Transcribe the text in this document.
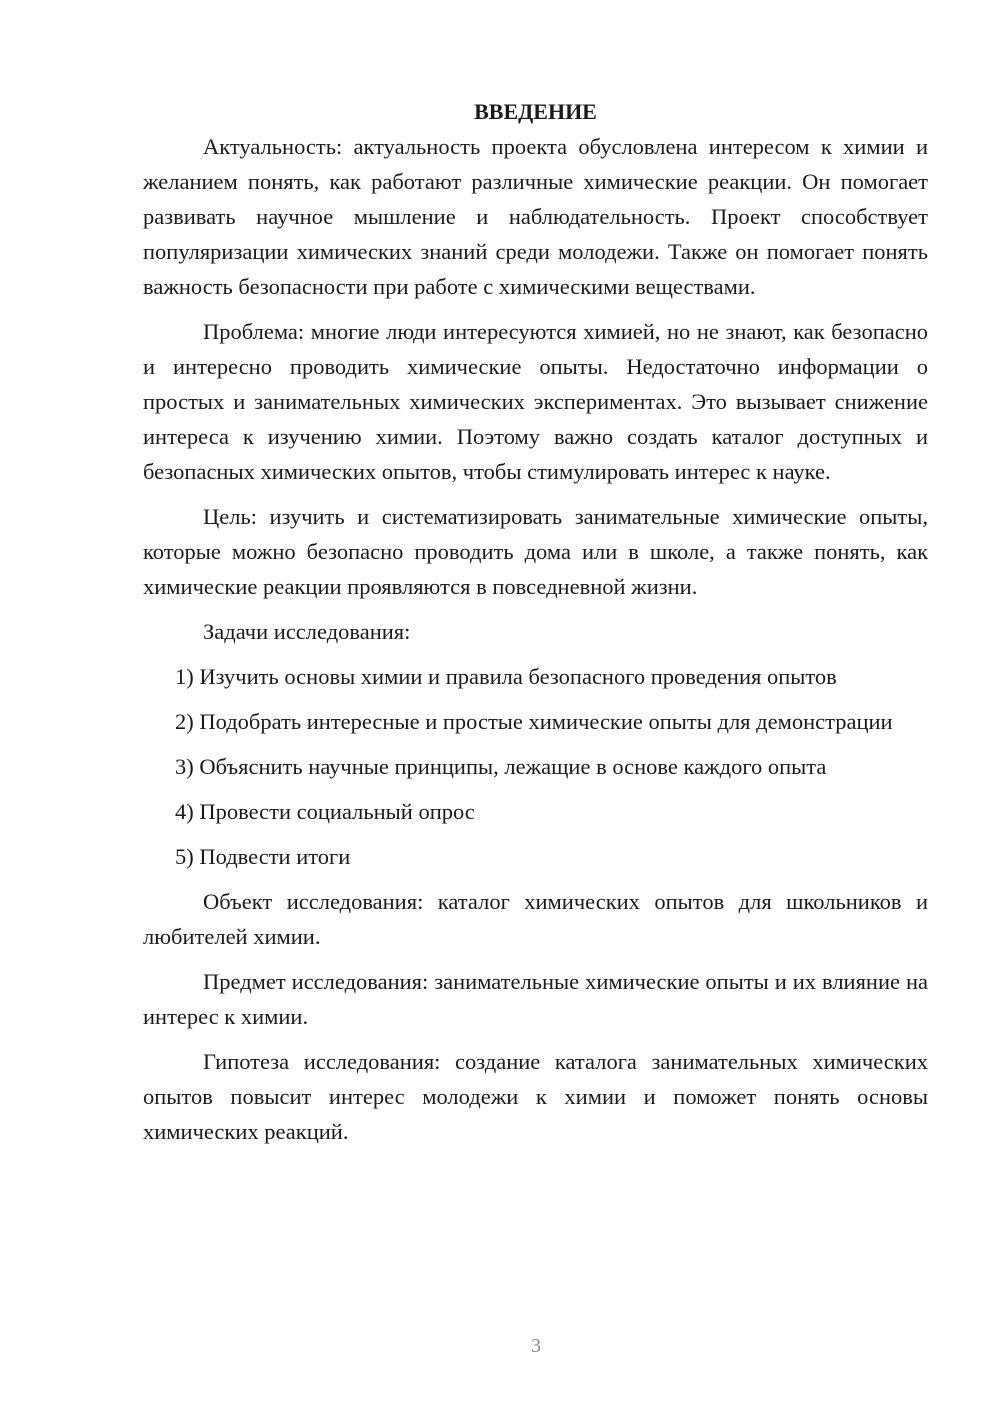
ВВЕДЕНИЕ

Актуальность: актуальность проекта обусловлена интересом к химии и желанием понять, как работают различные химические реакции. Он помогает развивать научное мышление и наблюдательность. Проект способствует популяризации химических знаний среди молодежи. Также он помогает понять важность безопасности при работе с химическими веществами.

Проблема: многие люди интересуются химией, но не знают, как безопасно и интересно проводить химические опыты. Недостаточно информации о простых и занимательных химических экспериментах. Это вызывает снижение интереса к изучению химии. Поэтому важно создать каталог доступных и безопасных химических опытов, чтобы стимулировать интерес к науке.

Цель: изучить и систематизировать занимательные химические опыты, которые можно безопасно проводить дома или в школе, а также понять, как химические реакции проявляются в повседневной жизни.

Задачи исследования:

1) Изучить основы химии и правила безопасного проведения опытов

2) Подобрать интересные и простые химические опыты для демонстрации

3) Объяснить научные принципы, лежащие в основе каждого опыта

4) Провести социальный опрос

5) Подвести итоги

Объект исследования: каталог химических опытов для школьников и любителей химии.

Предмет исследования: занимательные химические опыты и их влияние на интерес к химии.

Гипотеза исследования: создание каталога занимательных химических опытов повысит интерес молодежи к химии и поможет понять основы химических реакций.

3
